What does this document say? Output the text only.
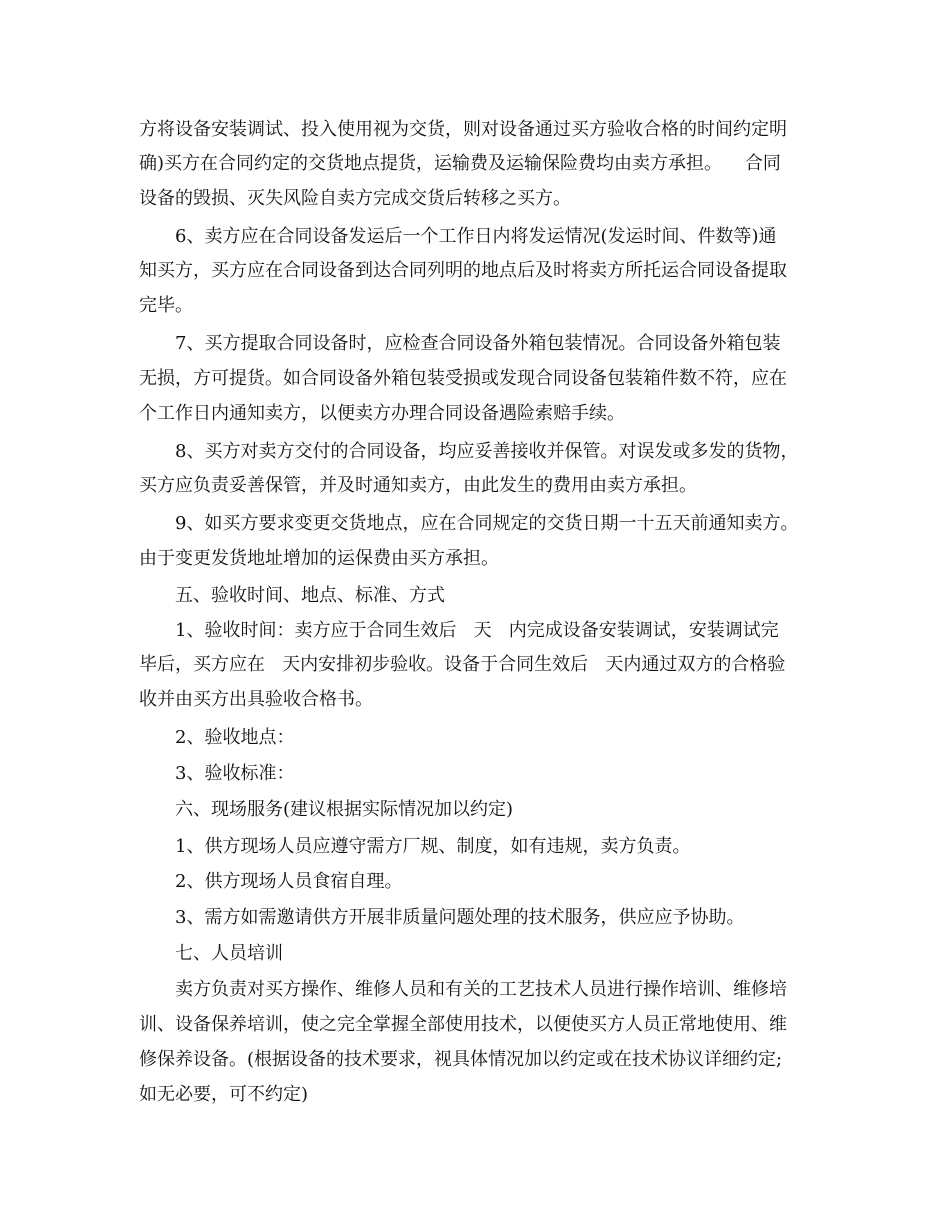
方将设备安装调试、投入使用视为交货，则对设备通过买方验收合格的时间约定明
确)买方在合同约定的交货地点提货，运输费及运输保险费均由卖方承担。    合同
设备的毁损、灭失风险自卖方完成交货后转移之买方。
6、卖方应在合同设备发运后一个工作日内将发运情况(发运时间、件数等)通
知买方，买方应在合同设备到达合同列明的地点后及时将卖方所托运合同设备提取
完毕。
7、买方提取合同设备时，应检查合同设备外箱包装情况。合同设备外箱包装
无损，方可提货。如合同设备外箱包装受损或发现合同设备包装箱件数不符，应在
个工作日内通知卖方，以便卖方办理合同设备遇险索赔手续。
8、买方对卖方交付的合同设备，均应妥善接收并保管。对误发或多发的货物，
买方应负责妥善保管，并及时通知卖方，由此发生的费用由卖方承担。
9、如买方要求变更交货地点，应在合同规定的交货日期一十五天前通知卖方。
由于变更发货地址增加的运保费由买方承担。
五、验收时间、地点、标准、方式
1、验收时间：卖方应于合同生效后   天   内完成设备安装调试，安装调试完
毕后，买方应在   天内安排初步验收。设备于合同生效后   天内通过双方的合格验
收并由买方出具验收合格书。
2、验收地点：
3、验收标准：
六、现场服务(建议根据实际情况加以约定)
1、供方现场人员应遵守需方厂规、制度，如有违规，卖方负责。
2、供方现场人员食宿自理。
3、需方如需邀请供方开展非质量问题处理的技术服务，供应应予协助。
七、人员培训
卖方负责对买方操作、维修人员和有关的工艺技术人员进行操作培训、维修培
训、设备保养培训，使之完全掌握全部使用技术，以便使买方人员正常地使用、维
修保养设备。(根据设备的技术要求，视具体情况加以约定或在技术协议详细约定;
如无必要，可不约定)
